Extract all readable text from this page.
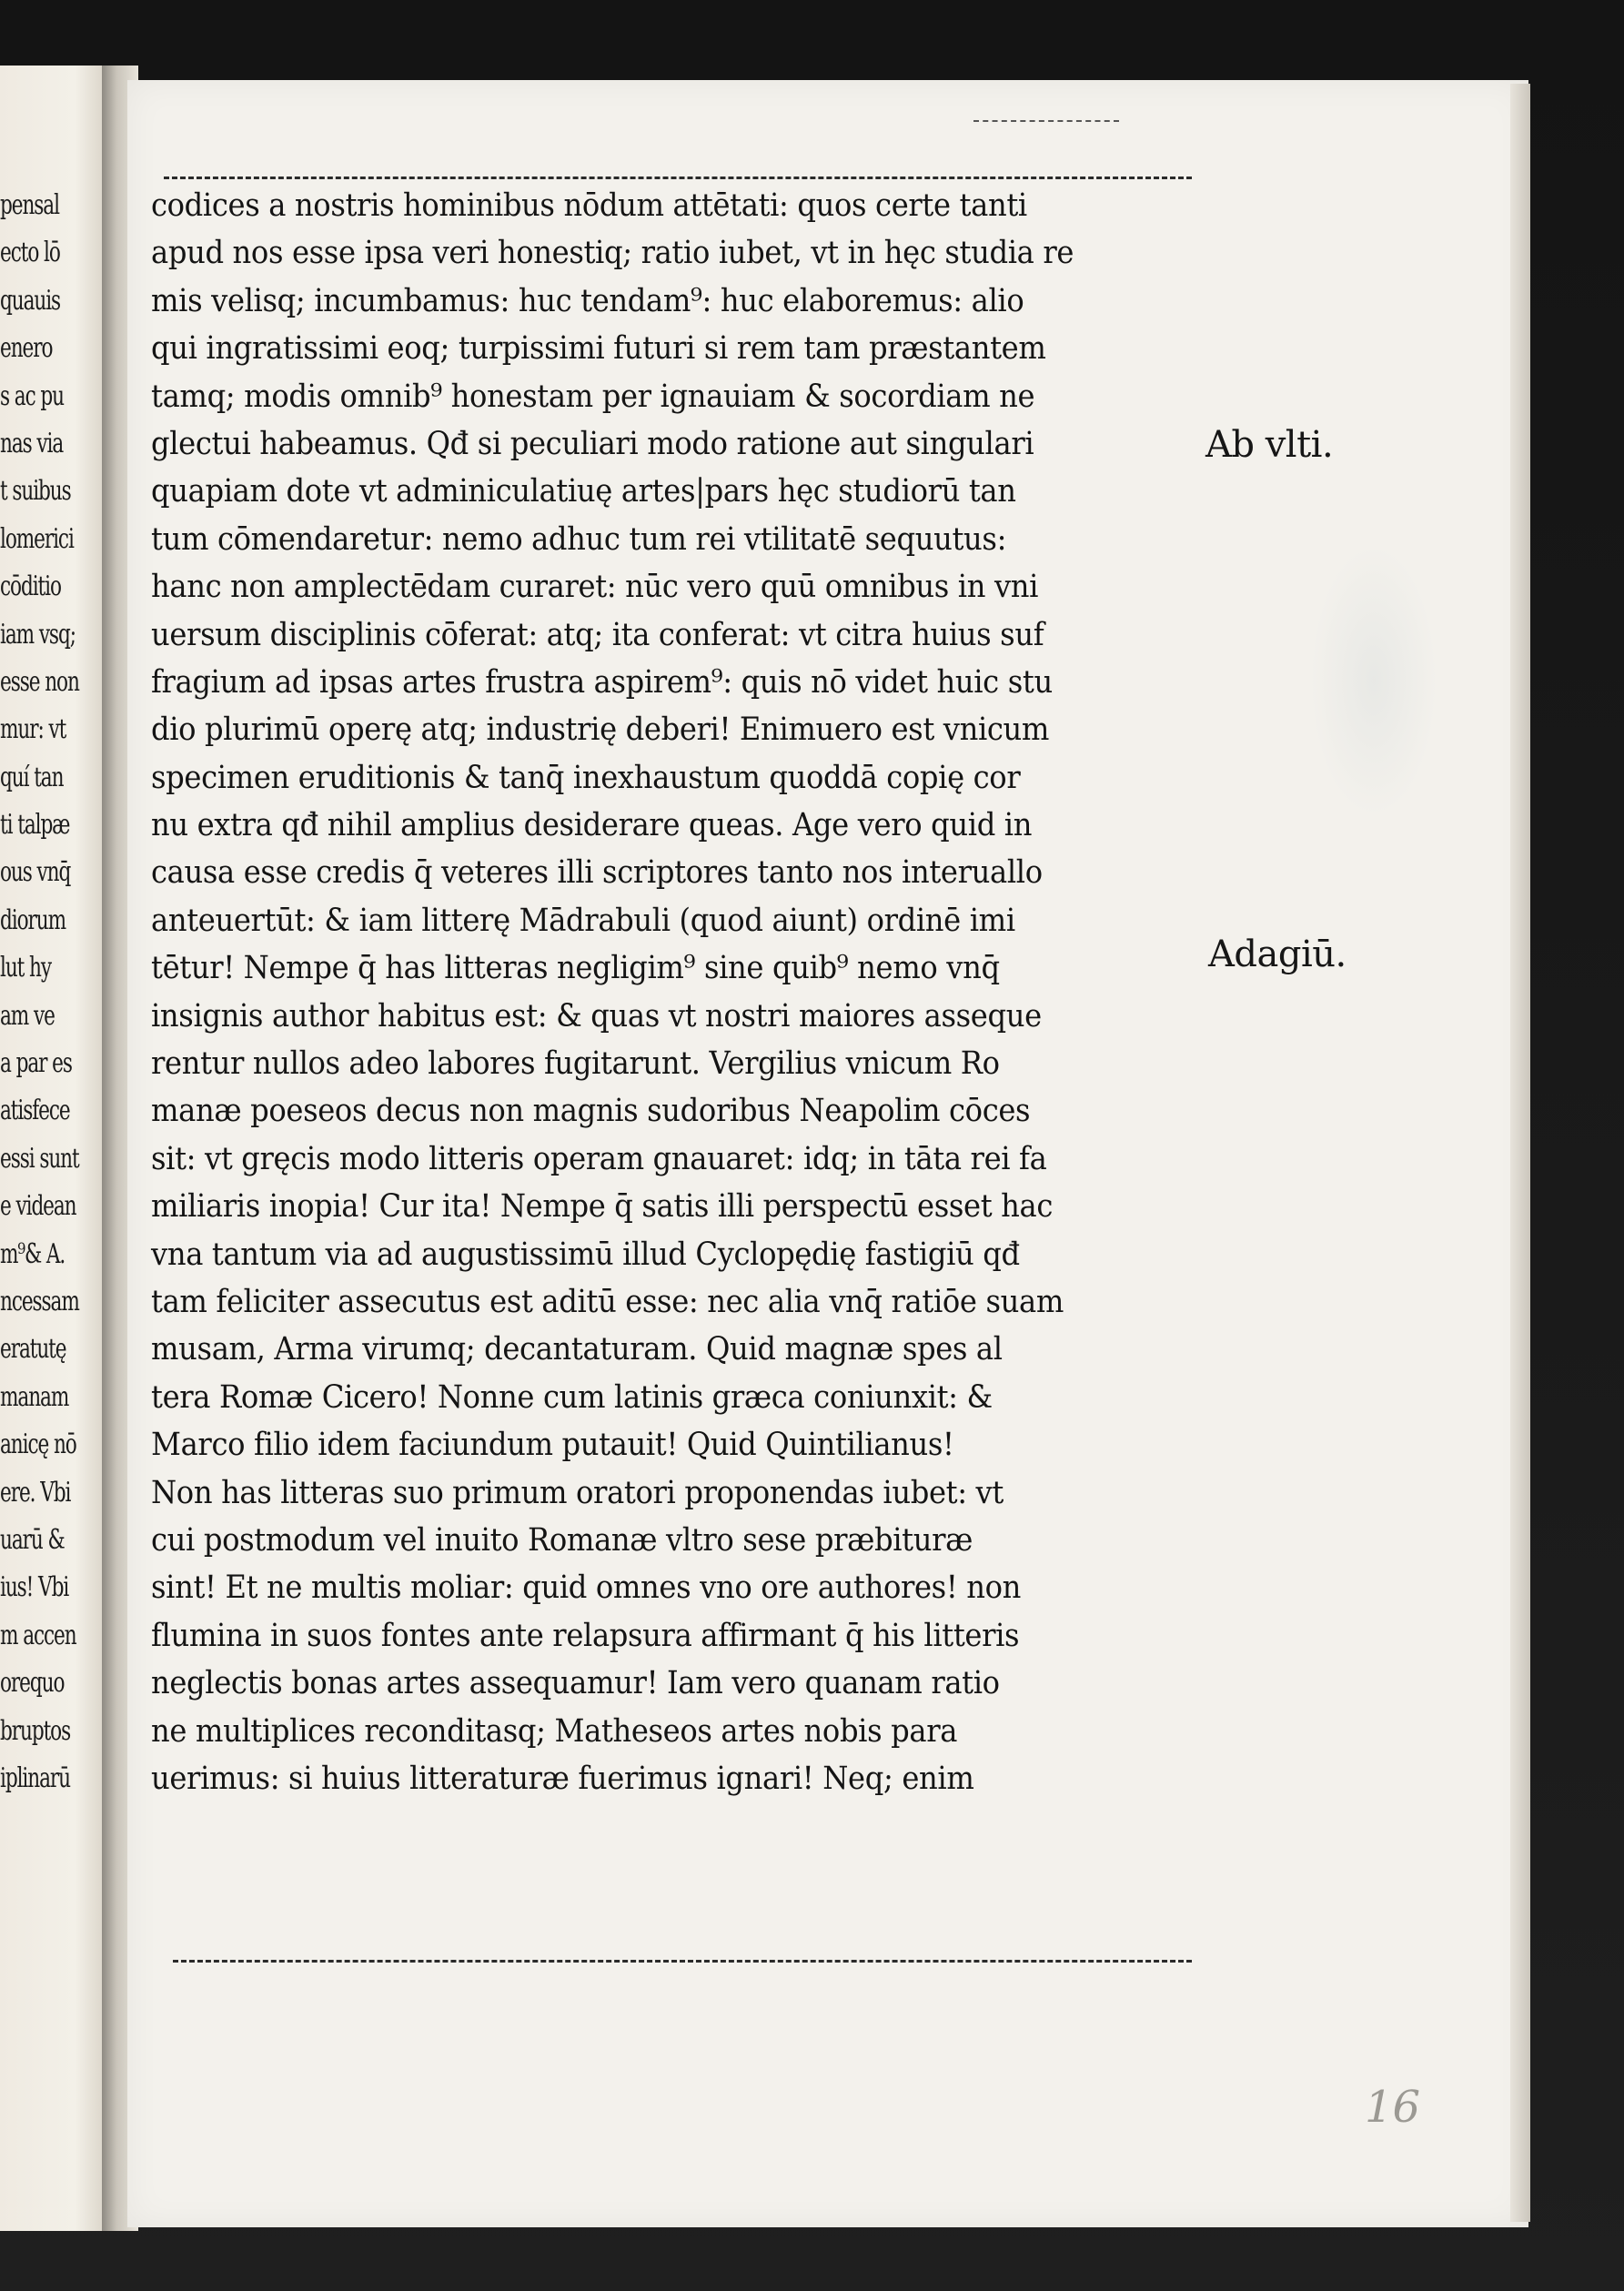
pensal
ecto lō
quauis
enero
s ac pu
nas via
t suibus
lomerici
cōditio
iam vsq;
esse non
mur: vt
quí tan
ti talpæ
ous vnq̄
diorum
lut hy
am ve
a par es
atisfece
essi sunt
e videan
m⁹& A.
ncessam
eratutę
manam
anicę nō
ere. Vbi
uarū &
ius! Vbi
m accen
orequo
bruptos
iplinarū
codices a nostris hominibus nōdum attētati: quos certe tanti
apud nos esse ipsa veri honestiq; ratio iubet, vt in hęc studia re
mis velisq; incumbamus: huc tendam⁹: huc elaboremus: alio
qui ingratissimi eoq; turpissimi futuri si rem tam præstantem
tamq; modis omnib⁹ honestam per ignauiam & socordiam ne
glectui habeamus. Qđ si peculiari modo ratione aut singulari
quapiam dote vt adminiculatiuę artes|pars hęc studiorū tan
tum cōmendaretur: nemo adhuc tum rei vtilitatē sequutus:
hanc non amplectēdam curaret: nūc vero quū omnibus in vni
uersum disciplinis cōferat: atq; ita conferat: vt citra huius suf
fragium ad ipsas artes frustra aspirem⁹: quis nō videt huic stu
dio plurimū operę atq; industrię deberi! Enimuero est vnicum
specimen eruditionis & tanq̄ inexhaustum quoddā copię cor
nu extra qđ nihil amplius desiderare queas. Age vero quid in
causa esse credis q̄ veteres illi scriptores tanto nos interuallo
anteuertūt: & iam litterę Mādrabuli (quod aiunt) ordinē imi
tētur! Nempe q̄ has litteras negligim⁹ sine quib⁹ nemo vnq̄
insignis author habitus est: & quas vt nostri maiores asseque
rentur nullos adeo labores fugitarunt. Vergilius vnicum Ro
manæ poeseos decus non magnis sudoribus Neapolim cōces
sit: vt gręcis modo litteris operam gnauaret: idq; in tāta rei fa
miliaris inopia! Cur ita! Nempe q̄ satis illi perspectū esset hac
vna tantum via ad augustissimū illud Cyclopędię fastigiū qđ
tam feliciter assecutus est aditū esse: nec alia vnq̄ ratiōe suam
musam, Arma virumq; decantaturam. Quid magnæ spes al
tera Romæ Cicero! Nonne cum latinis græca coniunxit: &
Marco filio idem faciundum putauit! Quid Quintilianus!
Non has litteras suo primum oratori proponendas iubet: vt
cui postmodum vel inuito Romanæ vltro sese præbituræ
sint! Et ne multis moliar: quid omnes vno ore authores! non
flumina in suos fontes ante relapsura affirmant q̄ his litteris
neglectis bonas artes assequamur! Iam vero quanam ratio
ne multiplices reconditasq; Matheseos artes nobis para
uerimus: si huius litteraturæ fuerimus ignari! Neq; enim
Ab vlti.
Adagiū.
16
